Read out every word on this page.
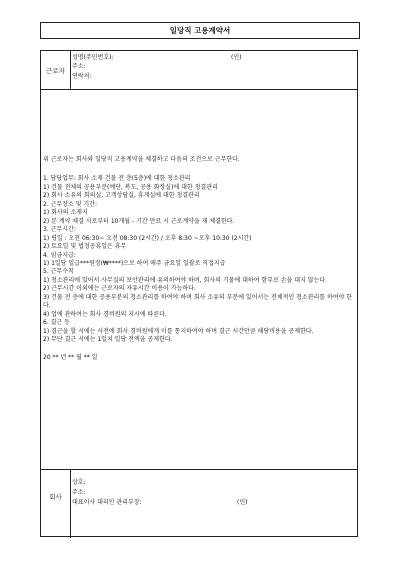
일당직 고용계약서
근로자
성명(주민번호):	(인)
주소:
연락처:

위 근로자는 회사와 일당직 고용계약을 체결하고 다음의 조건으로 근무한다.

1. 담당업무: 회사 소재 건물 전 층(5층)에 대한 청소관리

1) 건물 전체의 공용부분(예단, 복도, 공용 화장실)에 대한 청결관리

2) 회사 소유의 회의실, 고객상담실, 휴게실에 대한 청결관리

2. 근무장소 및 기간:

1) 회사의 소재지

2) 본 계약 체결 시로부터 10개월 - 기간 만료 시 근로계약을 재 체결한다.

3. 근무시간:

1) 평일 : 오전 06:30~ 오전 08:30 (2시간) / 오후 8:30 ~오후 10:30 (2시간)

2) 토요일 및 법정공휴일은 휴무

4. 임금지급:

1) 1일당 일급***원정(₩****)으로 하여 매주 금요일 일괄로 직접지급

5. 근무수칙

1) 청소관리에 있어서 사무실의 보안관리에 유의하여야 하며, 회사의 기물에 대하여 함부로 손을 대지 않는다.

2) 근무시간 이외에는 근로자의 자유시간 이용이 가능하다.

3) 건물 전 층에 대한 공용부분의 청소관리를 하여야 하며 회사 소유의 부분에 있어서는 전체적인 청소관리를 하여야 한다.

4) 업에 관하여는 회사 경비원의 지시에 따른다.

6. 결근 등

1) 결근을 할 시에는 사전에 회사 경비원에게 이를 통지하여야 하며 결근 시간만큼 해당비용을 공제한다.

2) 무단 결근 시에는 1일치 일당 전액을 공제한다.

20 ** 년 ** 월 ** 일

회사
상호:
주소:
대표이사 대리인 관리부장:	(인)
